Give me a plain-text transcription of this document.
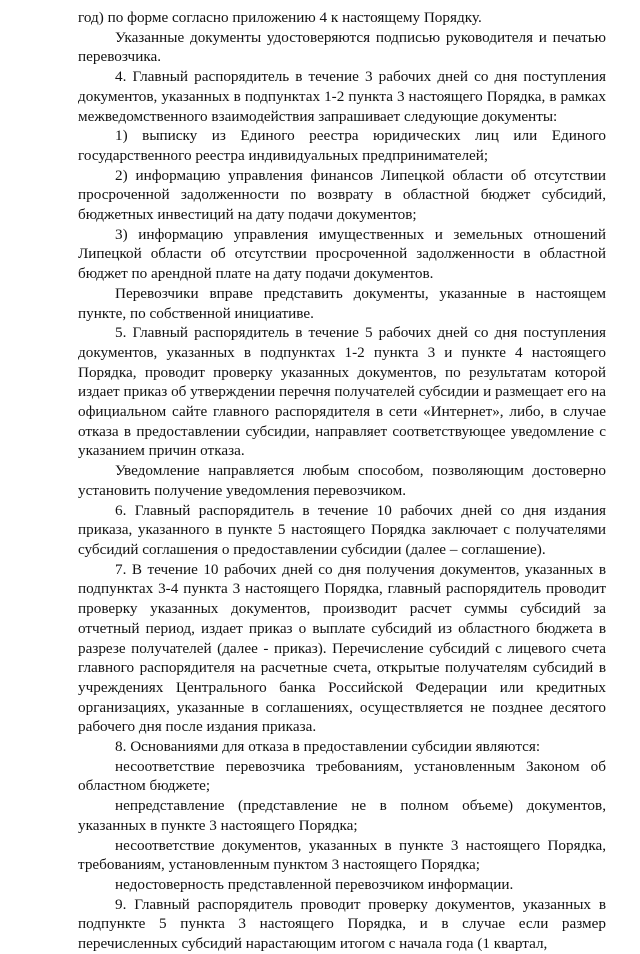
год) по форме согласно приложению 4 к настоящему Порядку.

Указанные документы удостоверяются подписью руководителя и печатью перевозчика.

4. Главный распорядитель в течение 3 рабочих дней со дня поступления документов, указанных в подпунктах 1-2 пункта 3 настоящего Порядка, в рамках межведомственного взаимодействия запрашивает следующие документы:

1) выписку из Единого реестра юридических лиц или Единого государственного реестра индивидуальных предпринимателей;

2) информацию управления финансов Липецкой области об отсутствии просроченной задолженности по возврату в областной бюджет субсидий, бюджетных инвестиций на дату подачи документов;

3) информацию управления имущественных и земельных отношений Липецкой области об отсутствии просроченной задолженности в областной бюджет по арендной плате на дату подачи документов.

Перевозчики вправе представить документы, указанные в настоящем пункте, по собственной инициативе.

5. Главный распорядитель в течение 5 рабочих дней со дня поступления документов, указанных в подпунктах 1-2 пункта 3 и пункте 4 настоящего Порядка, проводит проверку указанных документов, по результатам которой издает приказ об утверждении перечня получателей субсидии и размещает его на официальном сайте главного распорядителя в сети «Интернет», либо, в случае отказа в предоставлении субсидии, направляет соответствующее уведомление с указанием причин отказа.

Уведомление направляется любым способом, позволяющим достоверно установить получение уведомления перевозчиком.

6. Главный распорядитель в течение 10 рабочих дней со дня издания приказа, указанного в пункте 5 настоящего Порядка заключает с получателями субсидий соглашения о предоставлении субсидии (далее – соглашение).

7. В течение 10 рабочих дней со дня получения документов, указанных в подпунктах 3-4 пункта 3 настоящего Порядка, главный распорядитель проводит проверку указанных документов, производит расчет суммы субсидий за отчетный период, издает приказ о выплате субсидий из областного бюджета в разрезе получателей (далее - приказ). Перечисление субсидий с лицевого счета главного распорядителя на расчетные счета, открытые получателям субсидий в учреждениях Центрального банка Российской Федерации или кредитных организациях, указанные в соглашениях, осуществляется не позднее десятого рабочего дня после издания приказа.

8. Основаниями для отказа в предоставлении субсидии являются:

несоответствие перевозчика требованиям, установленным Законом об областном бюджете;

непредставление (представление не в полном объеме) документов, указанных в пункте 3 настоящего Порядка;

несоответствие документов, указанных в пункте 3 настоящего Порядка, требованиям, установленным пунктом 3 настоящего Порядка;

недостоверность представленной перевозчиком информации.

9. Главный распорядитель проводит проверку документов, указанных в подпункте 5 пункта 3 настоящего Порядка, и в случае если размер перечисленных субсидий нарастающим итогом с начала года (1 квартал,
